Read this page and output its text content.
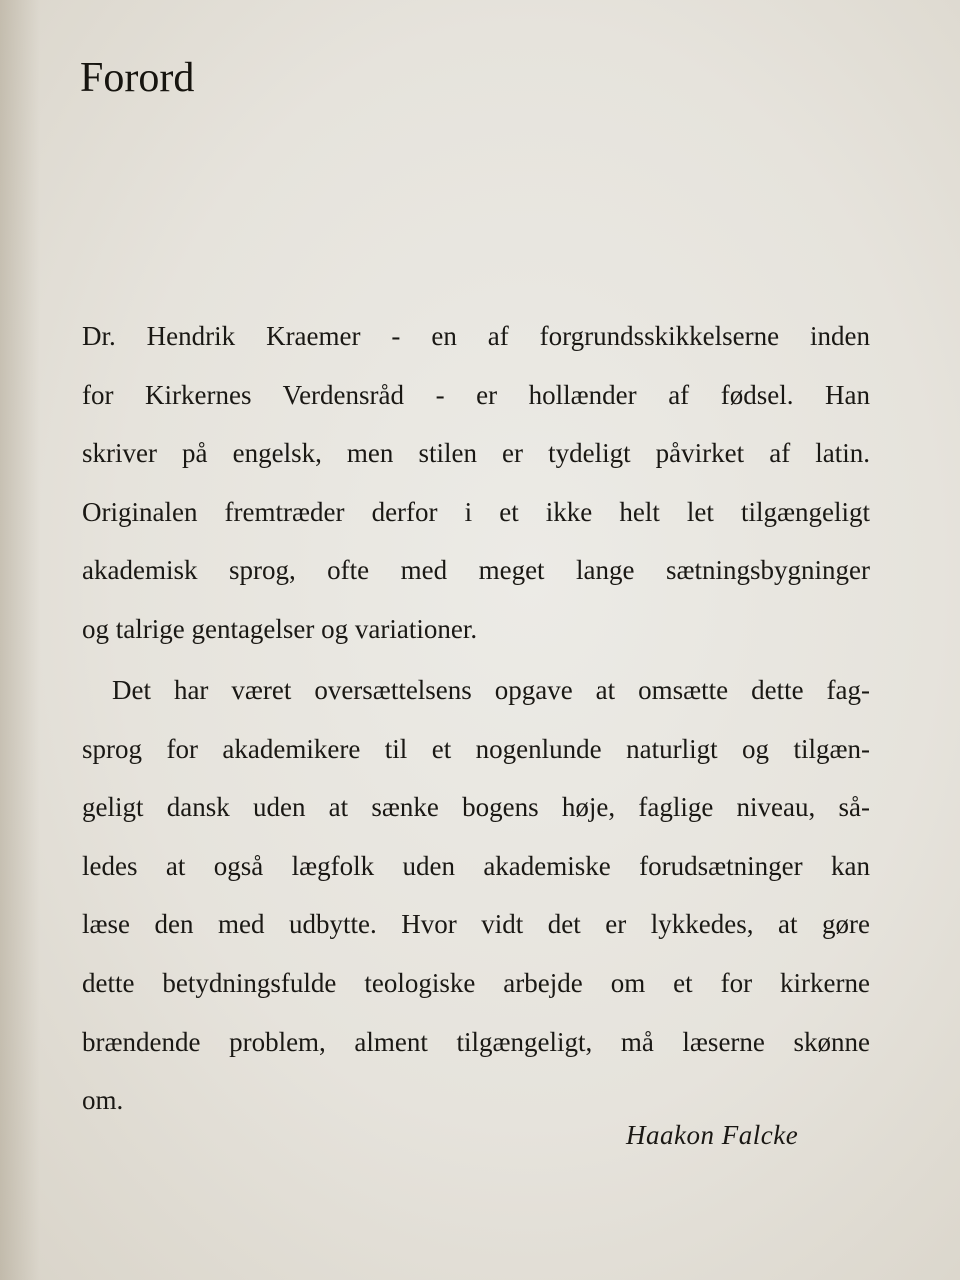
Forord
Dr. Hendrik Kraemer - en af forgrundsskikkelserne inden
for Kirkernes Verdensråd - er hollænder af fødsel. Han
skriver på engelsk, men stilen er tydeligt påvirket af latin.
Originalen fremtræder derfor i et ikke helt let tilgængeligt
akademisk sprog, ofte med meget lange sætningsbygninger
og talrige gentagelser og variationer.
Det har været oversættelsens opgave at omsætte dette fag-
sprog for akademikere til et nogenlunde naturligt og tilgæn-
geligt dansk uden at sænke bogens høje, faglige niveau, så-
ledes at også lægfolk uden akademiske forudsætninger kan
læse den med udbytte. Hvor vidt det er lykkedes, at gøre
dette betydningsfulde teologiske arbejde om et for kirkerne
brændende problem, alment tilgængeligt, må læserne skønne
om.

Haakon Falcke
